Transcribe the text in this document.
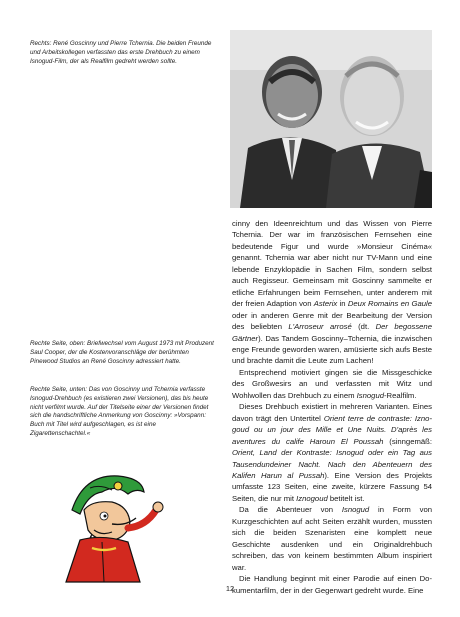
Rechts: René Goscinny und Pierre Tchernia. Die beiden Freunde und Arbeitskollegen verfassten das erste Drehbuch zu einem Isnogud-Film, der als Realfilm gedreht werden sollte.

Rechte Seite, oben: Briefwechsel vom August 1973 mit Produzent Saul Cooper, der die Kostenvoranschläge der berühmten Pinewood Studios an René Goscinny adressiert hatte.

Rechte Seite, unten: Das von Goscinny und Tchernia verfasste Isnogud-Drehbuch (es existieren zwei Versionen), das bis heute nicht verfilmt wurde. Auf der Titelseite einer der Versionen findet sich die handschriftliche Anmerkung von Goscinny: »Vorspann: Buch mit Titel wird aufgeschlagen, es ist eine Zigarettenschachtel.«

cinny den Ideenreichtum und das Wissen von Pierre Tchernia. Der war im französischen Fernsehen eine bedeutende Figur und wurde »Monsieur Cinéma« genannt. Tchernia war aber nicht nur TV-Mann und eine lebende Enzyklopädie in Sachen Film, sondern selbst auch Regisseur. Gemeinsam mit Goscinny sammelte er etliche Erfahrungen beim Fernsehen, unter anderem mit der freien Adaption von Asterix in Deux Romains en Gaule oder in anderen Genre mit der Bearbeitung der Version des beliebten L'Arroseur arrosé (dt. Der begossene Gärtner). Das Tandem Goscinny–Tchernia, die inzwischen enge Freunde geworden waren, amüsierte sich aufs Beste und brachte damit die Leute zum Lachen!

Entsprechend motiviert gingen sie die Missgeschicke des Großwesirs an und verfassten mit Witz und Wohlwollen das Drehbuch zu einem Isnogud-Realfilm.

Dieses Drehbuch existiert in mehreren Varianten. Eines davon trägt den Untertitel Orient terre de contraste: Iznogoud ou un jour des Mille et Une Nuits. D'après les aventures du calife Haroun El Poussah (sinngemäß: Orient, Land der Kontraste: Isnogud oder ein Tag aus Tausendundeiner Nacht. Nach den Abenteuern des Kalifen Harun al Pussah). Eine Version des Projekts umfasste 123 Seiten, eine zweite, kürzere Fassung 54 Seiten, die nur mit Iznogoud betitelt ist.

Da die Abenteuer von Isnogud in Form von Kurzgeschichten auf acht Seiten erzählt wurden, mussten sich die beiden Szenaristen eine komplett neue Geschichte ausdenken und ein Originaldrehbuch schreiben, das von keinem bestimmten Album inspiriert war.

Die Handlung beginnt mit einer Parodie auf einen Dokumentarfilm, der in der Gegenwart gedreht wurde. Eine

12
